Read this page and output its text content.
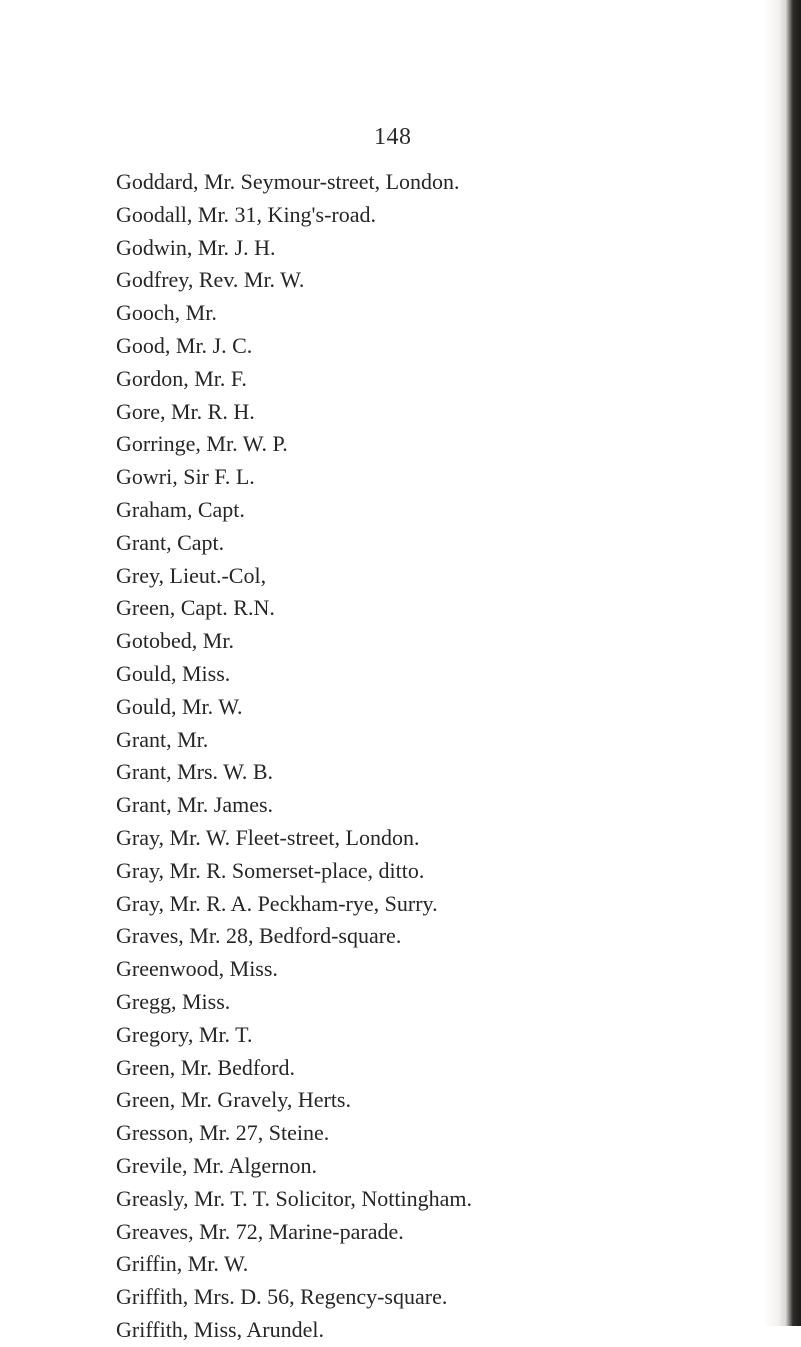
148
Goddard, Mr. Seymour-street, London.
Goodall, Mr. 31, King's-road.
Godwin, Mr. J. H.
Godfrey, Rev. Mr. W.
Gooch, Mr.
Good, Mr. J. C.
Gordon, Mr. F.
Gore, Mr. R. H.
Gorringe, Mr. W. P.
Gowri, Sir F. L.
Graham, Capt.
Grant, Capt.
Grey, Lieut.-Col,
Green, Capt. R.N.
Gotobed, Mr.
Gould, Miss.
Gould, Mr. W.
Grant, Mr.
Grant, Mrs. W. B.
Grant, Mr. James.
Gray, Mr. W. Fleet-street, London.
Gray, Mr. R. Somerset-place, ditto.
Gray, Mr. R. A. Peckham-rye, Surry.
Graves, Mr. 28, Bedford-square.
Greenwood, Miss.
Gregg, Miss.
Gregory, Mr. T.
Green, Mr. Bedford.
Green, Mr. Gravely, Herts.
Gresson, Mr. 27, Steine.
Grevile, Mr. Algernon.
Greasly, Mr. T. T. Solicitor, Nottingham.
Greaves, Mr. 72, Marine-parade.
Griffin, Mr. W.
Griffith, Mrs. D. 56, Regency-square.
Griffith, Miss, Arundel.
